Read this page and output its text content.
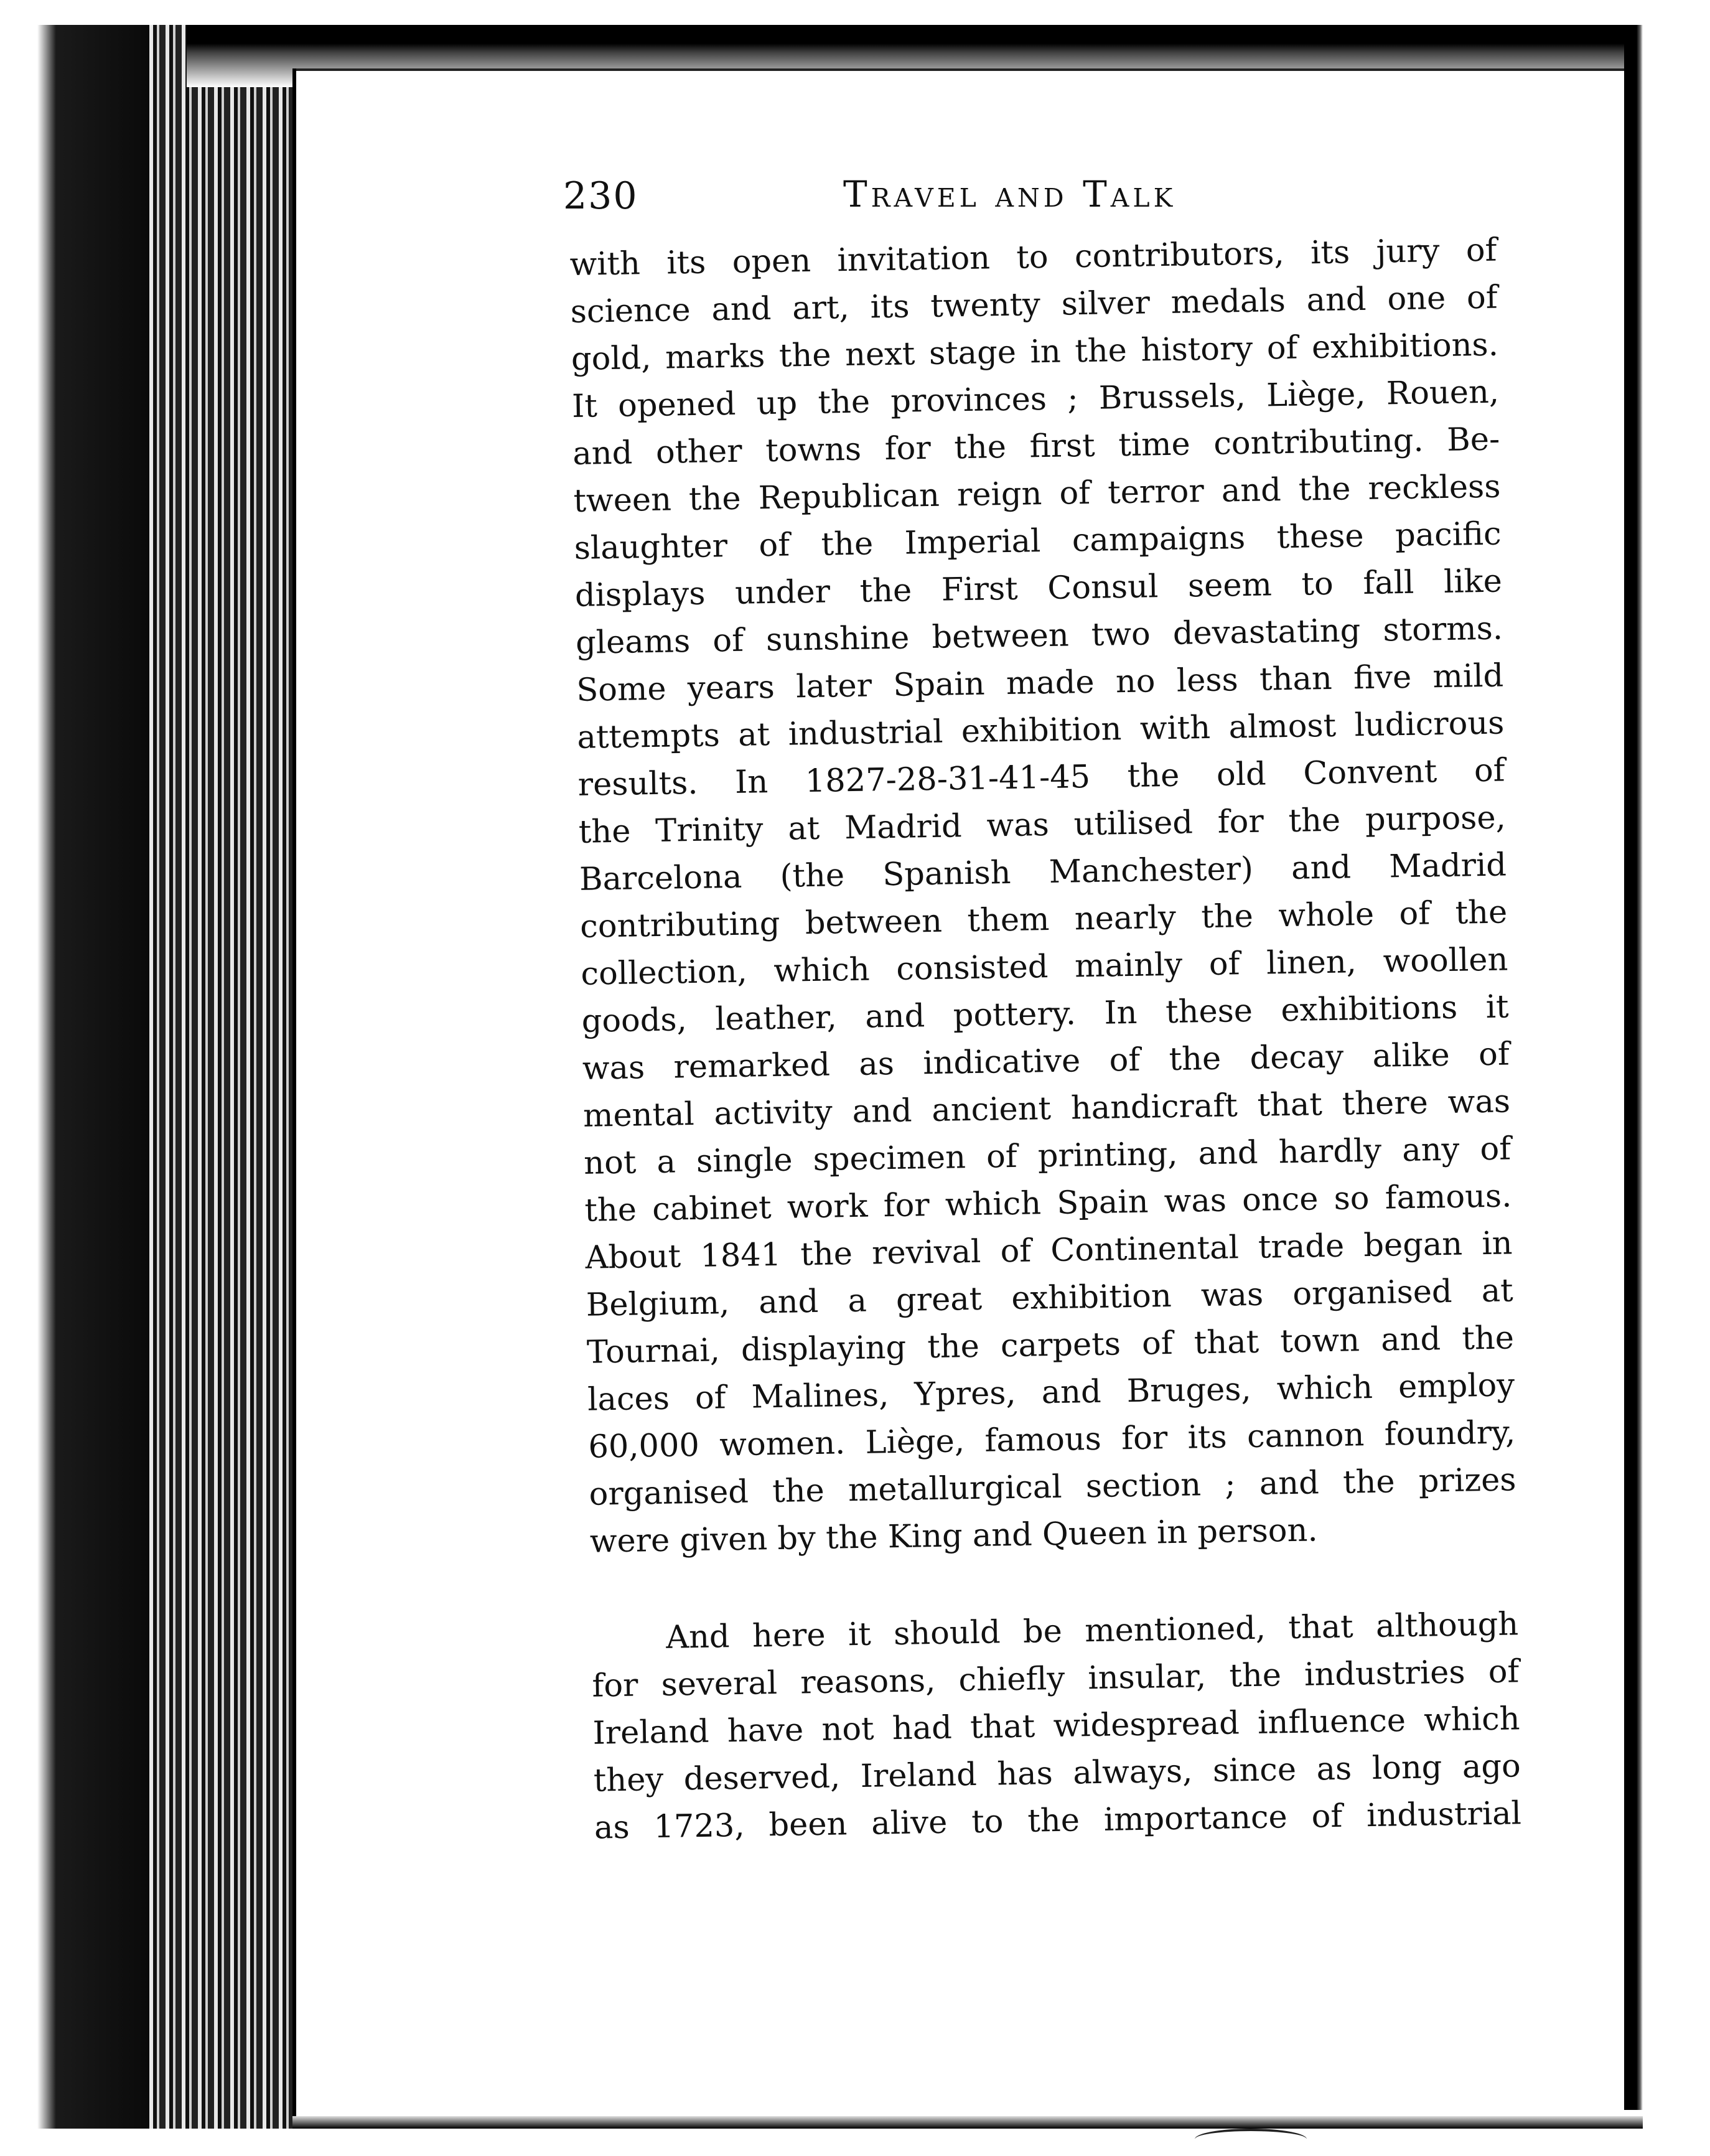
230	Travel and Talk
with its open invitation to contributors, its jury of
science and art, its twenty silver medals and one of
gold, marks the next stage in the history of exhibitions.
It opened up the provinces ; Brussels, Liège, Rouen,
and other towns for the first time contributing. Be-
tween the Republican reign of terror and the reckless
slaughter of the Imperial campaigns these pacific
displays under the First Consul seem to fall like
gleams of sunshine between two devastating storms.
Some years later Spain made no less than five mild
attempts at industrial exhibition with almost ludicrous
results. In 1827-28-31-41-45 the old Convent of
the Trinity at Madrid was utilised for the purpose,
Barcelona (the Spanish Manchester) and Madrid
contributing between them nearly the whole of the
collection, which consisted mainly of linen, woollen
goods, leather, and pottery. In these exhibitions it
was remarked as indicative of the decay alike of
mental activity and ancient handicraft that there was
not a single specimen of printing, and hardly any of
the cabinet work for which Spain was once so famous.
About 1841 the revival of Continental trade began in
Belgium, and a great exhibition was organised at
Tournai, displaying the carpets of that town and the
laces of Malines, Ypres, and Bruges, which employ
60,000 women. Liège, famous for its cannon foundry,
organised the metallurgical section ; and the prizes
were given by the King and Queen in person.
And here it should be mentioned, that although
for several reasons, chiefly insular, the industries of
Ireland have not had that widespread influence which
they deserved, Ireland has always, since as long ago
as 1723, been alive to the importance of industrial
